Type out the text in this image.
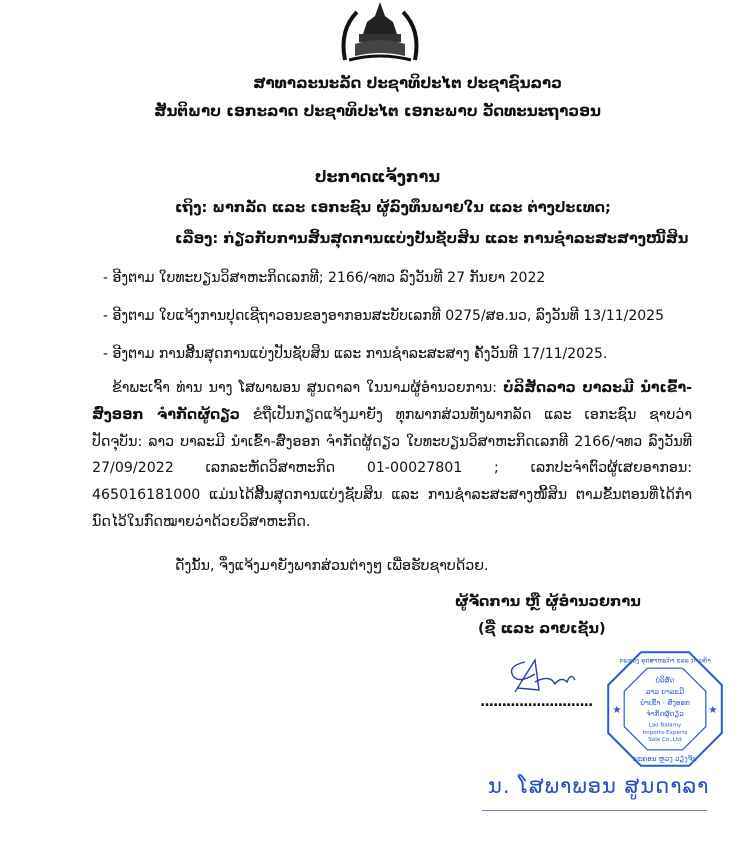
ສາທາລະນະລັດ ປະຊາທິປະໄຕ ປະຊາຊົນລາວ
ສັນຕິພາບ ເອກະລາດ ປະຊາທິປະໄຕ ເອກະພາບ ວັດທະນະຖາວອນ
ປະກາດແຈ້ງການ
ເຖິງ: ພາກລັດ ແລະ ເອກະຊົນ ຜູ້ລົງທຶນພາຍໃນ ແລະ ຕ່າງປະເທດ;
ເລື່ອງ: ກ່ຽວກັບການສິ້ນສຸດການແບ່ງປັນຊັບສິນ ແລະ ການຊໍາລະສະສາງໜີ້ສິນ
- ອີງຕາມ ໃບທະບຽນວິສາຫະກິດເລກທີ; 2166/ຈທວ ລົງວັນທີ 27 ກັນຍາ 2022
- ອີງຕາມ ໃບແຈ້ງການປຸດເຊີຖາວອນຂອງອາກອນສະບັບເລກທີ 0275/ສອ.ນວ, ລົງວັນທີ 13/11/2025
- ອີງຕາມ ການສິ້ນສຸດການແບ່ງປັນຊັບສິນ ແລະ ການຊໍາລະສະສາງ ຄັ້ງວັນທີ 17/11/2025.
ຂ້າພະເຈົ້າ ທ່ານ ນາງ ໂສພາພອນ ສູນດາລາ ໃນນາມຜູ້ອໍານວຍການ: ບໍລິສັດລາວ ບາລະມີ ນໍາເຂົ້າ-ສົ່ງອອກ ຈໍາກັດຜູ້ດຽວ ຂໍຖືເປັນກຽດແຈ້ງມາຍັງ ທຸກພາກສ່ວນທັງພາກລັດ ແລະ ເອກະຊົນ ຊາບວ່າ ປັດຈຸບັນ: ລາວ ບາລະມີ ນໍາເຂົ້າ-ສົ່ງອອກ ຈໍາກັດຜູ້ດຽວ ໃບທະບຽນວິສາຫະກິດເລກທີ 2166/ຈທວ ລົງວັນທີ 27/09/2022 ເລກລະຫັດວິສາຫະກິດ 01-00027801 ; ເລກປະຈໍາຕົວຜູ້ເສຍອາກອນ: 465016181000 ແມ່ນໄດ້ສິ້ນສຸດການແບ່ງຊັບສິນ ແລະ ການຊໍາລະສະສາງໜີ້ສິນ ຕາມຂັ້ນຕອນທີ່ໄດ້ກໍານົດໄວ້ໃນກົດໝາຍວ່າດ້ວຍວິສາຫະກິດ.
ດັ່ງນັ້ນ, ຈຶ່ງແຈ້ງມາຍັງພາກສ່ວນຕ່າງໆ ເພື່ອຮັບຊາບດ້ວຍ.
ຜູ້ຈັດການ ຫຼື ຜູ້ອໍານວຍການ
(ຊື່ ແລະ ລາຍເຊັນ)
.......................... ★	★
ກະຊວງ ອຸດສາຫະກໍາ ແລະ ການຄ້າ
ນະຄອນ ຫຼວງ ວຽງຈັນ
ບໍລິສັດ
ລາວ ບາລະມີ
ນໍາເຂົ້າ - ສົ່ງອອກ
ຈໍາກັດຜູ້ດຽວ
Lao Balamy
Imports-Experts
Sole Co.,Ltd
ນ. ໂສພາພອນ ສູນດາລາ
